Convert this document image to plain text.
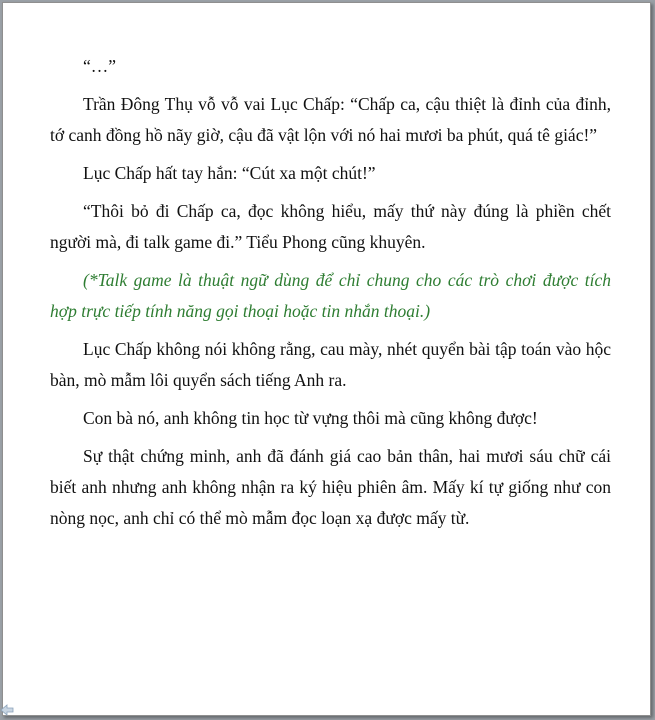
“…”

Trần Đông Thụ vỗ vỗ vai Lục Chấp: “Chấp ca, cậu thiệt là đỉnh của đỉnh, tớ canh đồng hồ nãy giờ, cậu đã vật lộn với nó hai mươi ba phút, quá tê giác!”

Lục Chấp hất tay hắn: “Cút xa một chút!”

“Thôi bỏ đi Chấp ca, đọc không hiểu, mấy thứ này đúng là phiền chết người mà, đi talk game đi.” Tiểu Phong cũng khuyên.

(*Talk game là thuật ngữ dùng để chỉ chung cho các trò chơi được tích hợp trực tiếp tính năng gọi thoại hoặc tin nhắn thoại.)

Lục Chấp không nói không rằng, cau mày, nhét quyển bài tập toán vào hộc bàn, mò mẫm lôi quyển sách tiếng Anh ra.

Con bà nó, anh không tin học từ vựng thôi mà cũng không được!

Sự thật chứng minh, anh đã đánh giá cao bản thân, hai mươi sáu chữ cái biết anh nhưng anh không nhận ra ký hiệu phiên âm. Mấy kí tự giống như con nòng nọc, anh chỉ có thể mò mẫm đọc loạn xạ được mấy từ.
